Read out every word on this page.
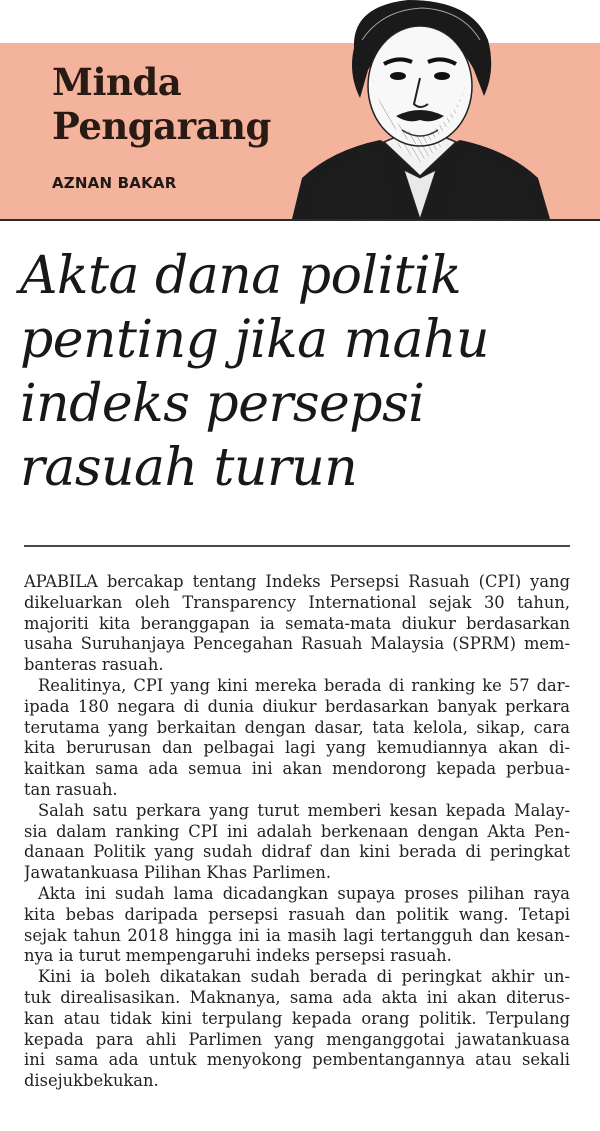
Minda
Pengarang
AZNAN BAKAR
Akta dana politik
penting jika mahu
indeks persepsi
rasuah turun
APABILA bercakap tentang Indeks Persepsi Rasuah (CPI) yang
dikeluarkan oleh Transparency International sejak 30 tahun,
majoriti kita beranggapan ia semata-mata diukur berdasarkan
usaha Suruhanjaya Pencegahan Rasuah Malaysia (SPRM) mem-
banteras rasuah.
Realitinya, CPI yang kini mereka berada di ranking ke 57 dar-
ipada 180 negara di dunia diukur berdasarkan banyak perkara
terutama yang berkaitan dengan dasar, tata kelola, sikap, cara
kita berurusan dan pelbagai lagi yang kemudiannya akan di-
kaitkan sama ada semua ini akan mendorong kepada perbua-
tan rasuah.
Salah satu perkara yang turut memberi kesan kepada Malay-
sia dalam ranking CPI ini adalah berkenaan dengan Akta Pen-
danaan Politik yang sudah didraf dan kini berada di peringkat
Jawatankuasa Pilihan Khas Parlimen.
Akta ini sudah lama dicadangkan supaya proses pilihan raya
kita bebas daripada persepsi rasuah dan politik wang. Tetapi
sejak tahun 2018 hingga ini ia masih lagi tertangguh dan kesan-
nya ia turut mempengaruhi indeks persepsi rasuah.
Kini ia boleh dikatakan sudah berada di peringkat akhir un-
tuk direalisasikan. Maknanya, sama ada akta ini akan diterus-
kan atau tidak kini terpulang kepada orang politik. Terpulang
kepada para ahli Parlimen yang menganggotai jawatankuasa
ini sama ada untuk menyokong pembentangannya atau sekali
disejukbekukan.
